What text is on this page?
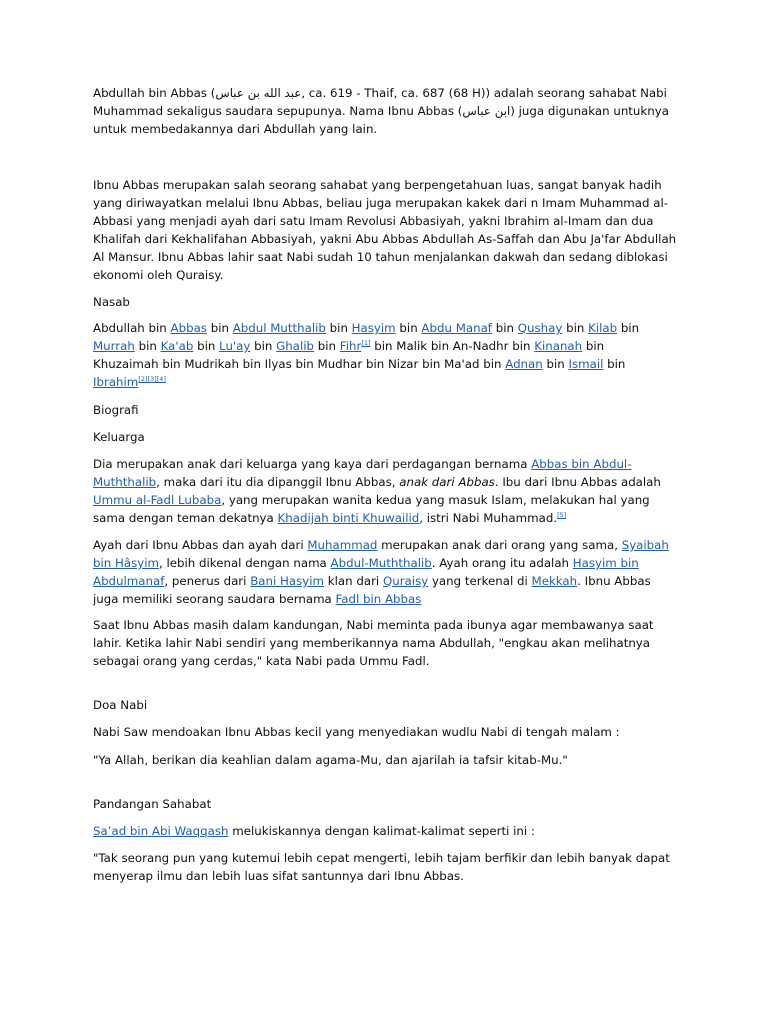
Abdullah bin Abbas (عبد الله بن عباس, ca. 619 - Thaif, ca. 687 (68 H)) adalah seorang sahabat Nabi Muhammad sekaligus saudara sepupunya. Nama Ibnu Abbas (ابن عباس) juga digunakan untuknya untuk membedakannya dari Abdullah yang lain.

Ibnu Abbas merupakan salah seorang sahabat yang berpengetahuan luas, sangat banyak hadih yang diriwayatkan melalui Ibnu Abbas, beliau juga merupakan kakek dari n Imam Muhammad al-Abbasi yang menjadi ayah dari satu Imam Revolusi Abbasiyah, yakni Ibrahim al-Imam dan dua Khalifah dari Kekhalifahan Abbasiyah, yakni Abu Abbas Abdullah As-Saffah dan Abu Ja'far Abdullah Al Mansur. Ibnu Abbas lahir saat Nabi sudah 10 tahun menjalankan dakwah dan sedang diblokasi ekonomi oleh Quraisy.

Nasab

Abdullah bin Abbas bin Abdul Mutthalib bin Hasyim bin Abdu Manaf bin Qushay bin Kilab bin Murrah bin Ka'ab bin Lu'ay bin Ghalib bin Fihr[1] bin Malik bin An-Nadhr bin Kinanah bin Khuzaimah bin Mudrikah bin Ilyas bin Mudhar bin Nizar bin Ma'ad bin Adnan bin Ismail bin Ibrahim[2][3][4]

Biografi

Keluarga

Dia merupakan anak dari keluarga yang kaya dari perdagangan bernama Abbas bin Abdul-Muththalib, maka dari itu dia dipanggil Ibnu Abbas, anak dari Abbas. Ibu dari Ibnu Abbas adalah Ummu al-Fadl Lubaba, yang merupakan wanita kedua yang masuk Islam, melakukan hal yang sama dengan teman dekatnya Khadijah binti Khuwailid, istri Nabi Muhammad.[5]

Ayah dari Ibnu Abbas dan ayah dari Muhammad merupakan anak dari orang yang sama, Syaibah bin Hâsyim, lebih dikenal dengan nama Abdul-Muththalib. Ayah orang itu adalah Hasyim bin Abdulmanaf, penerus dari Bani Hasyim klan dari Quraisy yang terkenal di Mekkah. Ibnu Abbas juga memiliki seorang saudara bernama Fadl bin Abbas

Saat Ibnu Abbas masih dalam kandungan, Nabi meminta pada ibunya agar membawanya saat lahir. Ketika lahir Nabi sendiri yang memberikannya nama Abdullah, "engkau akan melihatnya sebagai orang yang cerdas," kata Nabi pada Ummu Fadl.

Doa Nabi

Nabi Saw mendoakan Ibnu Abbas kecil yang menyediakan wudlu Nabi di tengah malam :

"Ya Allah, berikan dia keahlian dalam agama-Mu, dan ajarilah ia tafsir kitab-Mu."

Pandangan Sahabat

Sa’ad bin Abi Waqqash melukiskannya dengan kalimat-kalimat seperti ini :

"Tak seorang pun yang kutemui lebih cepat mengerti, lebih tajam berfikir dan lebih banyak dapat menyerap ilmu dan lebih luas sifat santunnya dari Ibnu Abbas.
